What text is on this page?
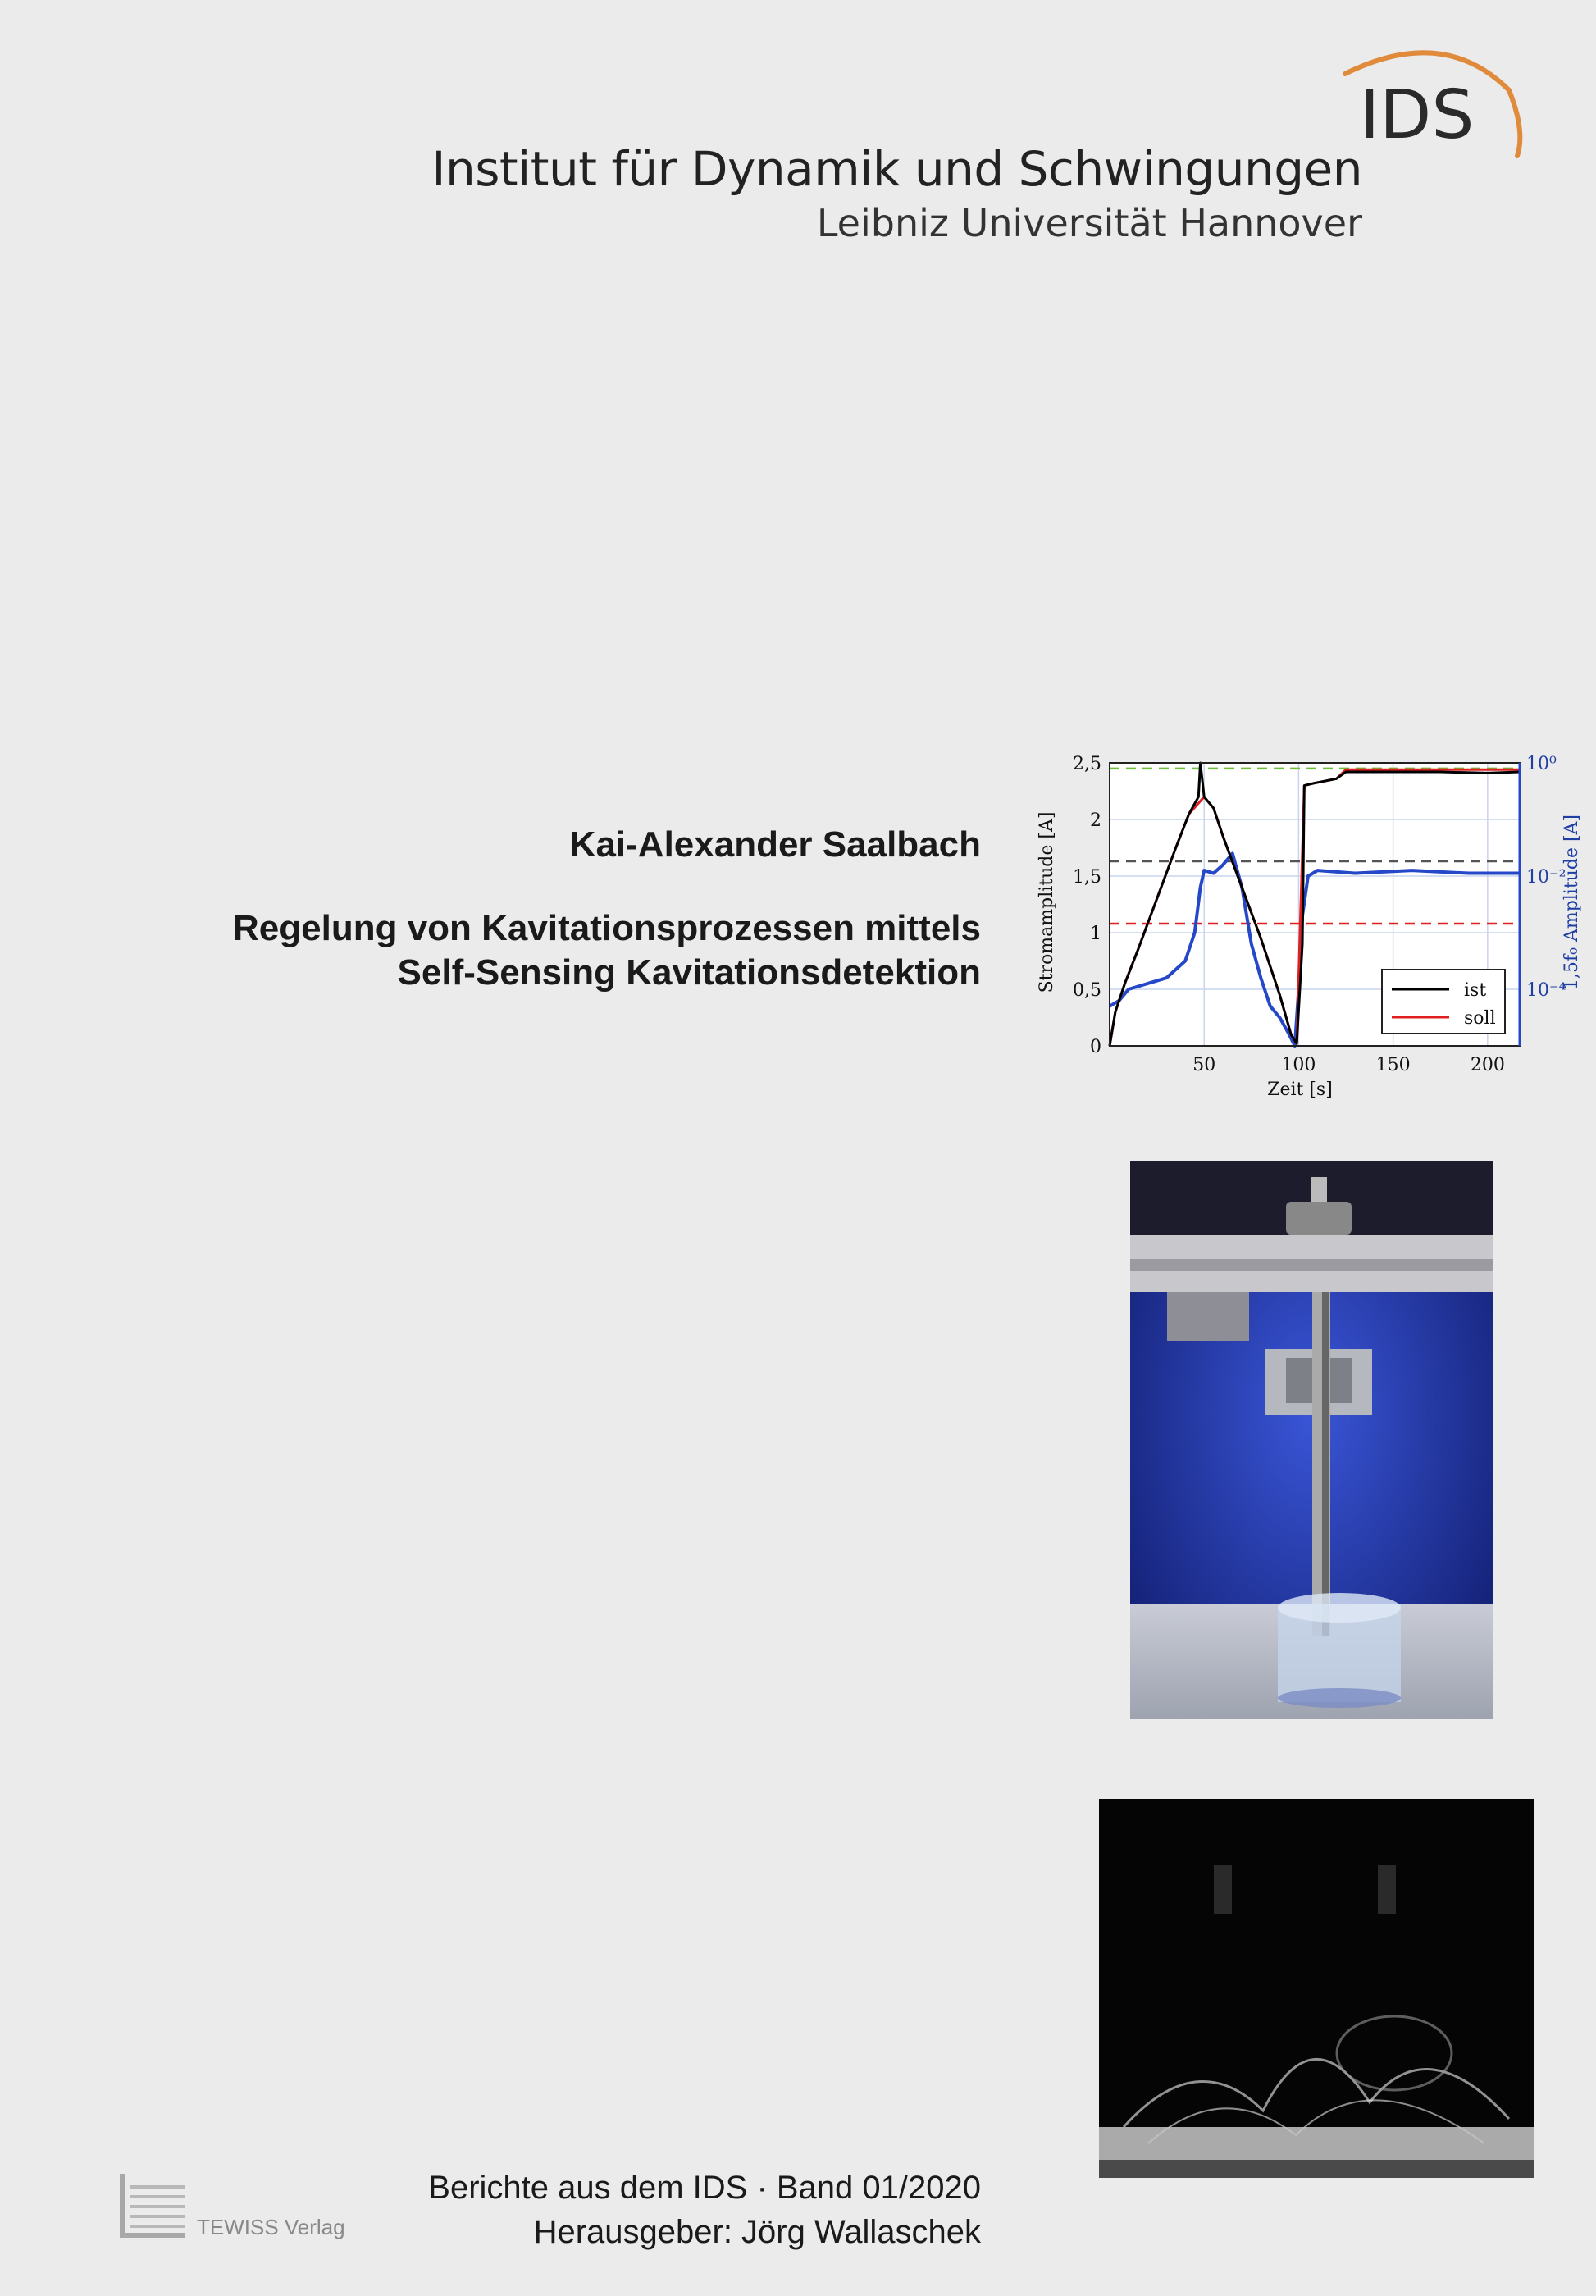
IDS
Institut für Dynamik und Schwingungen
Leibniz Universität Hannover
Kai-Alexander Saalbach
Regelung von Kavitationsprozessen mittels
Self-Sensing Kavitationsdetektion
50	100	150	200
0
0,5
1
1,5
2
2,5	10⁰
10⁻²
10⁻⁴
Zeit [s]
Stromamplitude [A]	1,5f₀ Amplitude [A]
ist
soll
Berichte aus dem IDS · Band 01/2020
Herausgeber: Jörg Wallaschek
TEWISS Verlag
